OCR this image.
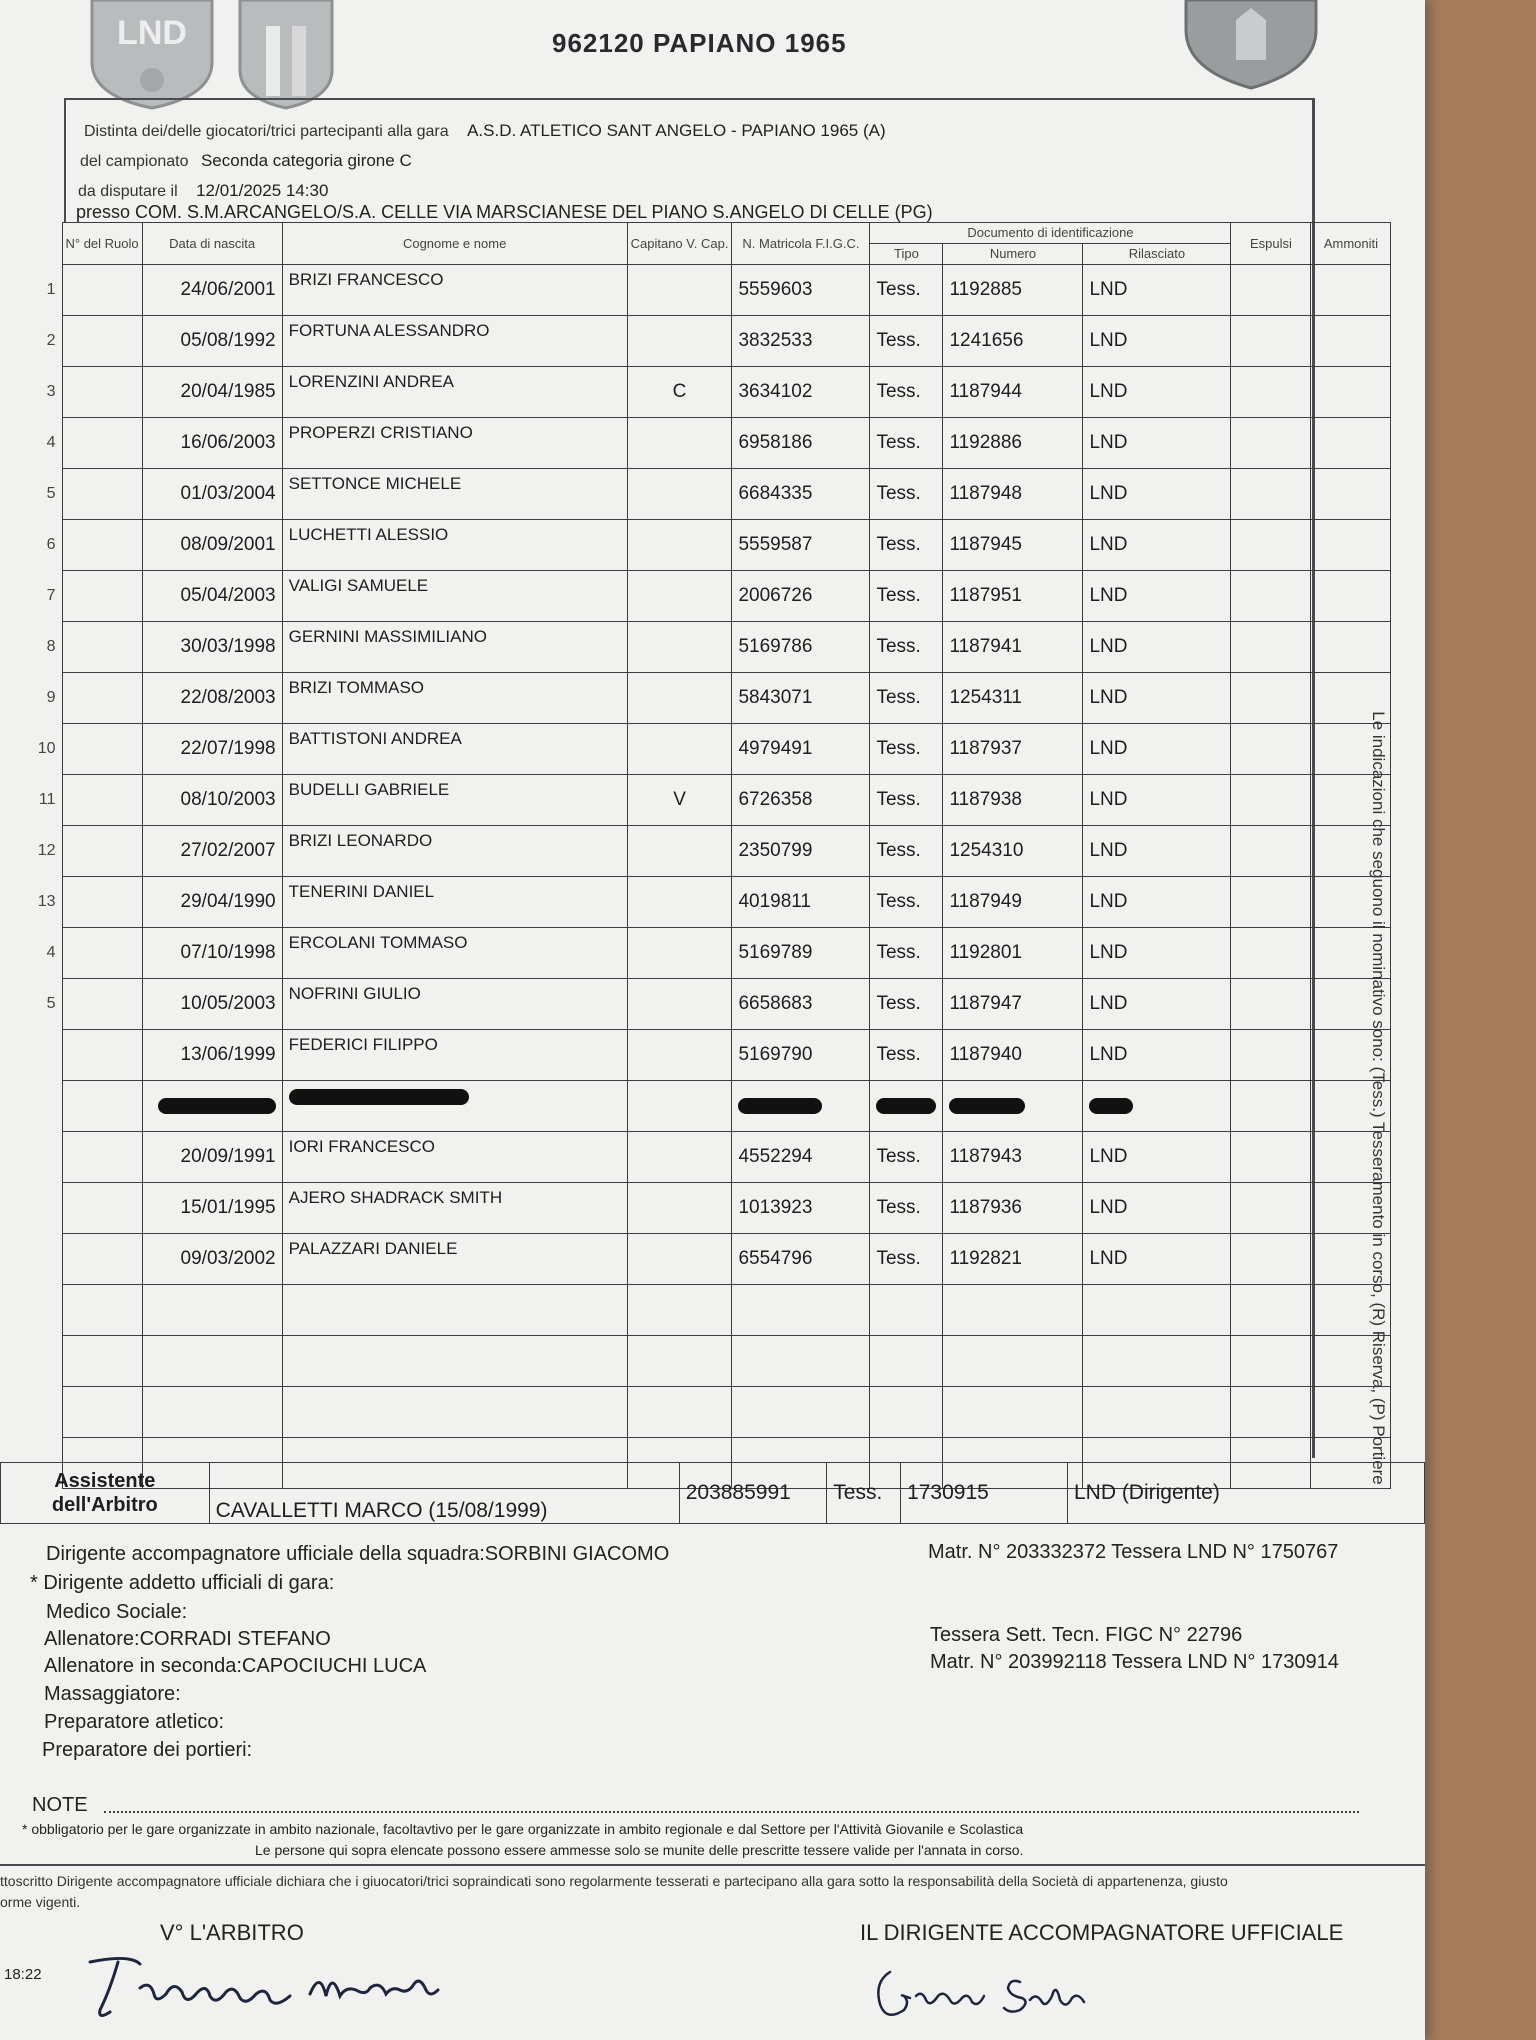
LND	962120 PAPIANO 1965
Distinta dei/delle giocatori/trici partecipanti alla gara A.S.D. ATLETICO SANT ANGELO - PAPIANO 1965 (A)
del campionato Seconda categoria girone C
da disputare il 12/01/2025 14:30
presso COM. S.M.ARCANGELO/S.A. CELLE VIA MARSCIANESE DEL PIANO S.ANGELO DI CELLE (PG)
	N° del Ruolo	Data di nascita	Cognome e nome	Capitano V. Cap.	N. Matricola F.I.G.C.	Documento di identificazione			Espulsi	Ammoniti
						Tipo	Numero	Rilasciato		
1		24/06/2001	BRIZI FRANCESCO		5559603	Tess.	1192885	LND		
2		05/08/1992	FORTUNA ALESSANDRO		3832533	Tess.	1241656	LND		
3		20/04/1985	LORENZINI ANDREA	C	3634102	Tess.	1187944	LND		
4		16/06/2003	PROPERZI CRISTIANO		6958186	Tess.	1192886	LND		
5		01/03/2004	SETTONCE MICHELE		6684335	Tess.	1187948	LND		
6		08/09/2001	LUCHETTI ALESSIO		5559587	Tess.	1187945	LND		
7		05/04/2003	VALIGI SAMUELE		2006726	Tess.	1187951	LND		
8		30/03/1998	GERNINI MASSIMILIANO		5169786	Tess.	1187941	LND		
9		22/08/2003	BRIZI TOMMASO		5843071	Tess.	1254311	LND		
10		22/07/1998	BATTISTONI ANDREA		4979491	Tess.	1187937	LND		
11		08/10/2003	BUDELLI GABRIELE	V	6726358	Tess.	1187938	LND		
12		27/02/2007	BRIZI LEONARDO		2350799	Tess.	1254310	LND		
13		29/04/1990	TENERINI DANIEL		4019811	Tess.	1187949	LND		
4		07/10/1998	ERCOLANI TOMMASO		5169789	Tess.	1192801	LND		
5		10/05/2003	NOFRINI GIULIO		6658683	Tess.	1187947	LND		
		13/06/1999	FEDERICI FILIPPO		5169790	Tess.	1187940	LND		

		20/09/1991	IORI FRANCESCO		4552294	Tess.	1187943	LND		
		15/01/1995	AJERO SHADRACK SMITH		1013923	Tess.	1187936	LND		
		09/03/2002	PALAZZARI DANIELE		6554796	Tess.	1192821	LND		

Assistente dell'Arbitro	CAVALLETTI MARCO (15/08/1999)	203885991	Tess.	1730915	LND (Dirigente)
Dirigente accompagnatore ufficiale della squadra:SORBINI GIACOMO	Matr. N° 203332372 Tessera LND N° 1750767
* Dirigente addetto ufficiali di gara:
Medico Sociale:
Allenatore:CORRADI STEFANO	Tessera Sett. Tecn. FIGC N° 22796
Allenatore in seconda:CAPOCIUCHI LUCA	Matr. N° 203992118 Tessera LND N° 1730914
Massaggiatore:
Preparatore atletico:
Preparatore dei portieri:
NOTE
* obbligatorio per le gare organizzate in ambito nazionale, facoltavtivo per le gare organizzate in ambito regionale e dal Settore per l'Attività Giovanile e Scolastica
Le persone qui sopra elencate possono essere ammesse solo se munite delle prescritte tessere valide per l'annata in corso.
ttoscritto Dirigente accompagnatore ufficiale dichiara che i giuocatori/trici sopraindicati sono regolarmente tesserati e partecipano alla gara sotto la responsabilità della Società di appartenenza, giusto
orme vigenti.
V° L'ARBITRO	IL DIRIGENTE ACCOMPAGNATORE UFFICIALE
18:22
Le indicazioni che seguono il nominativo sono: (Tess.) Tesseramento in corso, (R) Riserva, (P) Portiere
